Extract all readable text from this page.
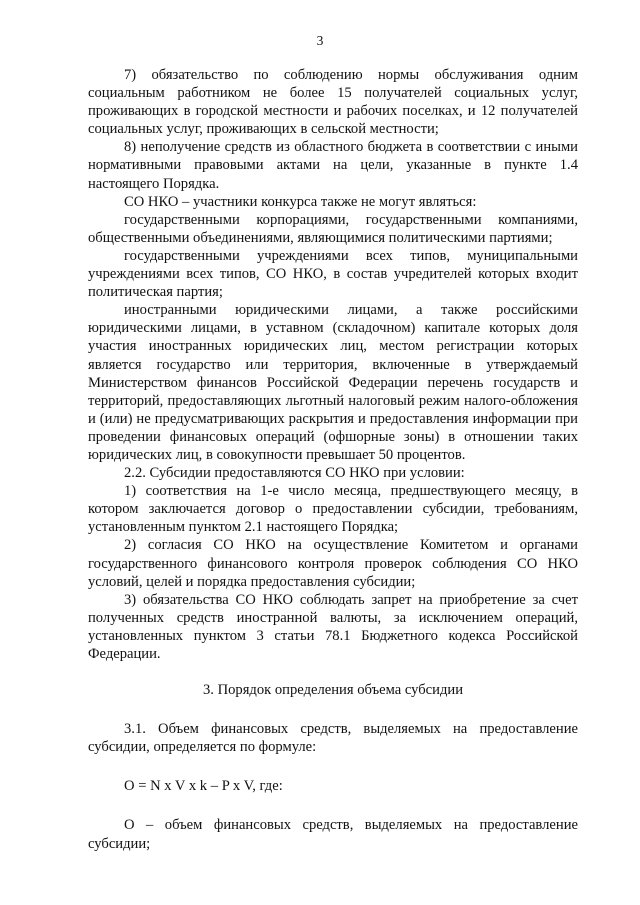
3

7) обязательство по соблюдению нормы обслуживания одним социальным работником не более 15 получателей социальных услуг, проживающих в городской местности и рабочих поселках, и 12 получателей социальных услуг, проживающих в сельской местности;

8) неполучение средств из областного бюджета в соответствии с иными нормативными правовыми актами на цели, указанные в пункте 1.4 настоящего Порядка.

СО НКО – участники конкурса также не могут являться:

государственными корпорациями, государственными компаниями, общественными объединениями, являющимися политическими партиями;

государственными учреждениями всех типов, муниципальными учреждениями всех типов, СО НКО, в состав учредителей которых входит политическая партия;

иностранными юридическими лицами, а также российскими юридическими лицами, в уставном (складочном) капитале которых доля участия иностранных юридических лиц, местом регистрации которых является государство или территория, включенные в утверждаемый Министерством финансов Российской Федерации перечень государств и территорий, предоставляющих льготный налоговый режим налого-обложения и (или) не предусматривающих раскрытия и предоставления информации при проведении финансовых операций (офшорные зоны) в отношении таких юридических лиц, в совокупности превышает 50 процентов.

2.2. Субсидии предоставляются СО НКО при условии:

1) соответствия на 1-е число месяца, предшествующего месяцу, в котором заключается договор о предоставлении субсидии, требованиям, установленным пунктом 2.1 настоящего Порядка;

2) согласия СО НКО на осуществление Комитетом и органами государственного финансового контроля проверок соблюдения СО НКО условий, целей и порядка предоставления субсидии;

3) обязательства СО НКО соблюдать запрет на приобретение за счет полученных средств иностранной валюты, за исключением операций, установленных пунктом 3 статьи 78.1 Бюджетного кодекса Российской Федерации.

3. Порядок определения объема субсидии

3.1. Объем финансовых средств, выделяемых на предоставление субсидии, определяется по формуле:

O = N x V x k – P x V, где:

O – объем финансовых средств, выделяемых на предоставление субсидии;
